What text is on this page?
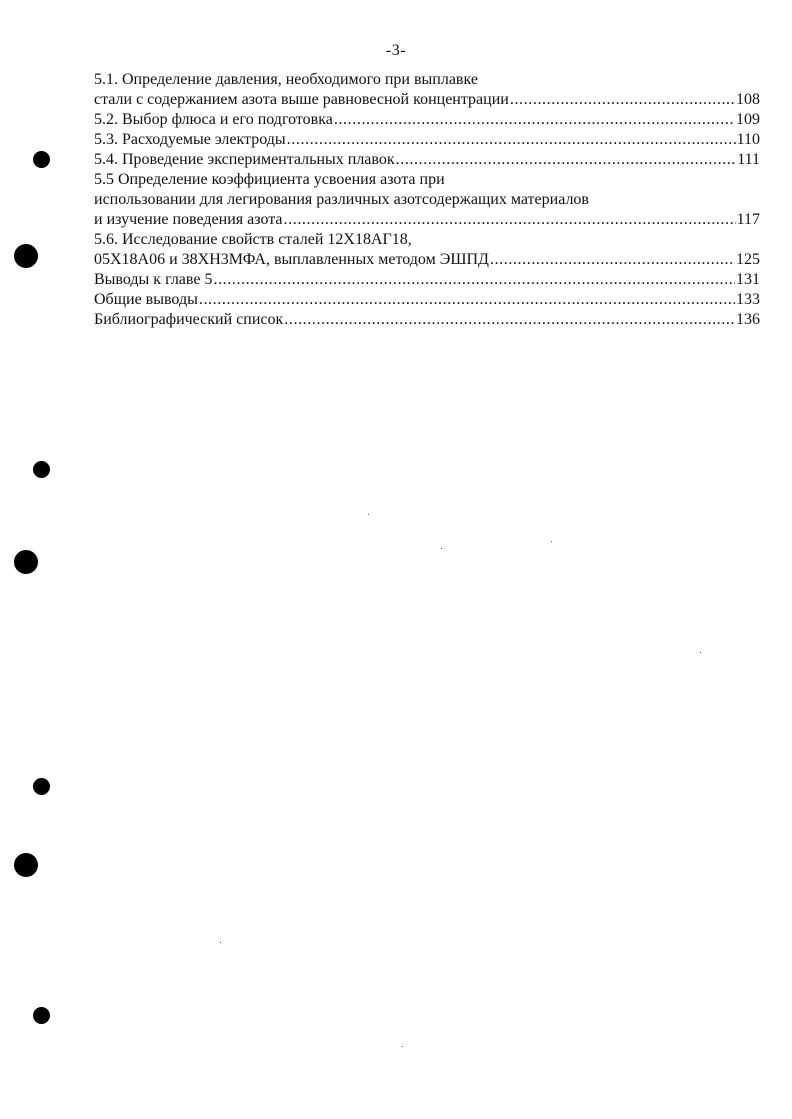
-3-
5.1. Определение давления, необходимого при выплавке
стали с содержанием азота выше равновесной концентрации .....	108
5.2. Выбор флюса и его подготовка .....	109
5.3. Расходуемые электроды .....	110
5.4. Проведение экспериментальных плавок .....	111
5.5 Определение коэффициента усвоения азота при
использовании для легирования различных азотсодержащих материалов
и изучение поведения азота .....	117
5.6. Исследование свойств сталей 12Х18АГ18,
05Х18А06 и 38ХН3МФА, выплавленных методом ЭШПД .....	125
Выводы к главе 5 .....	131
Общие выводы .....	133
Библиографический список .....	136
